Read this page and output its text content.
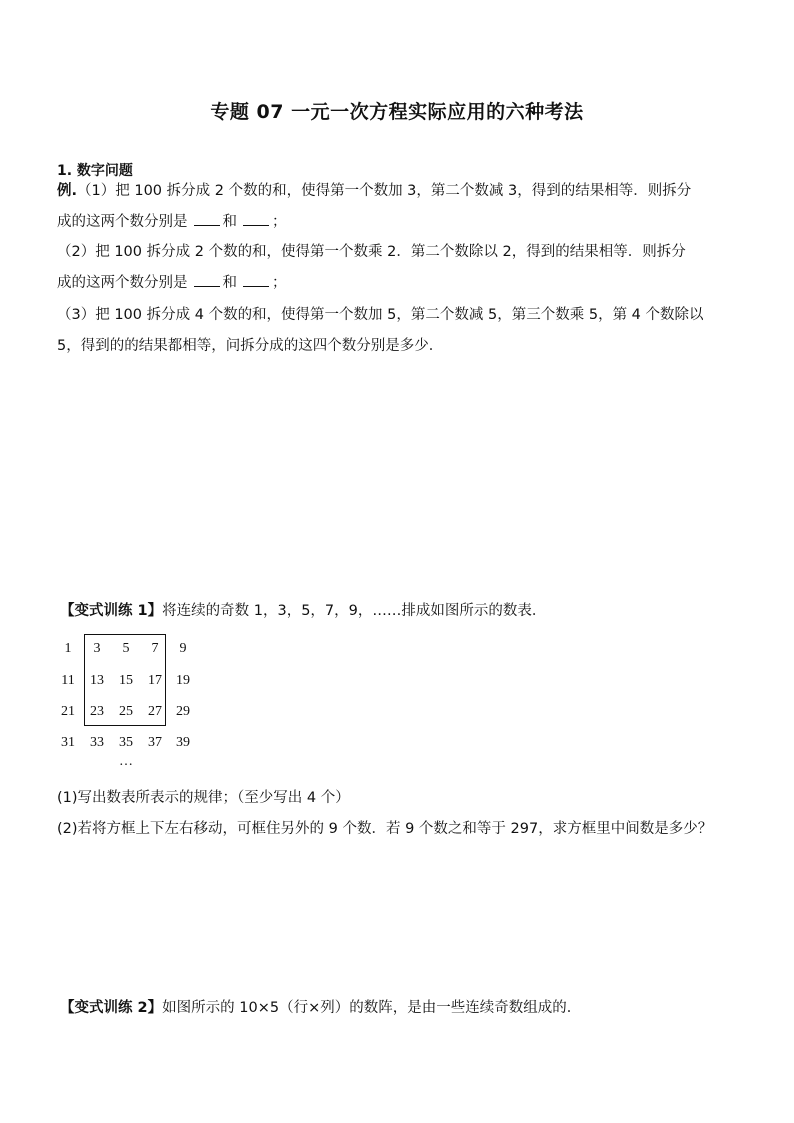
专题 07 一元一次方程实际应用的六种考法
1. 数字问题
例.（1）把 100 拆分成 2 个数的和，使得第一个数加 3，第二个数减 3，得到的结果相等．则拆分
成的这两个数分别是 和 ；
（2）把 100 拆分成 2 个数的和，使得第一个数乘 2．第二个数除以 2，得到的结果相等．则拆分
成的这两个数分别是 和 ；
（3）把 100 拆分成 4 个数的和，使得第一个数加 5，第二个数减 5，第三个数乘 5，第 4 个数除以
5，得到的的结果都相等，问拆分成的这四个数分别是多少．
【变式训练 1】将连续的奇数 1，3，5，7，9，……排成如图所示的数表．
1	3	5	7	9
11	13	15	17	19
21	23	25	27	29
31	33	35	37	39
…
(1)写出数表所表示的规律；（至少写出 4 个）
(2)若将方框上下左右移动，可框住另外的 9 个数．若 9 个数之和等于 297，求方框里中间数是多少？
【变式训练 2】如图所示的 10×5（行×列）的数阵，是由一些连续奇数组成的．
